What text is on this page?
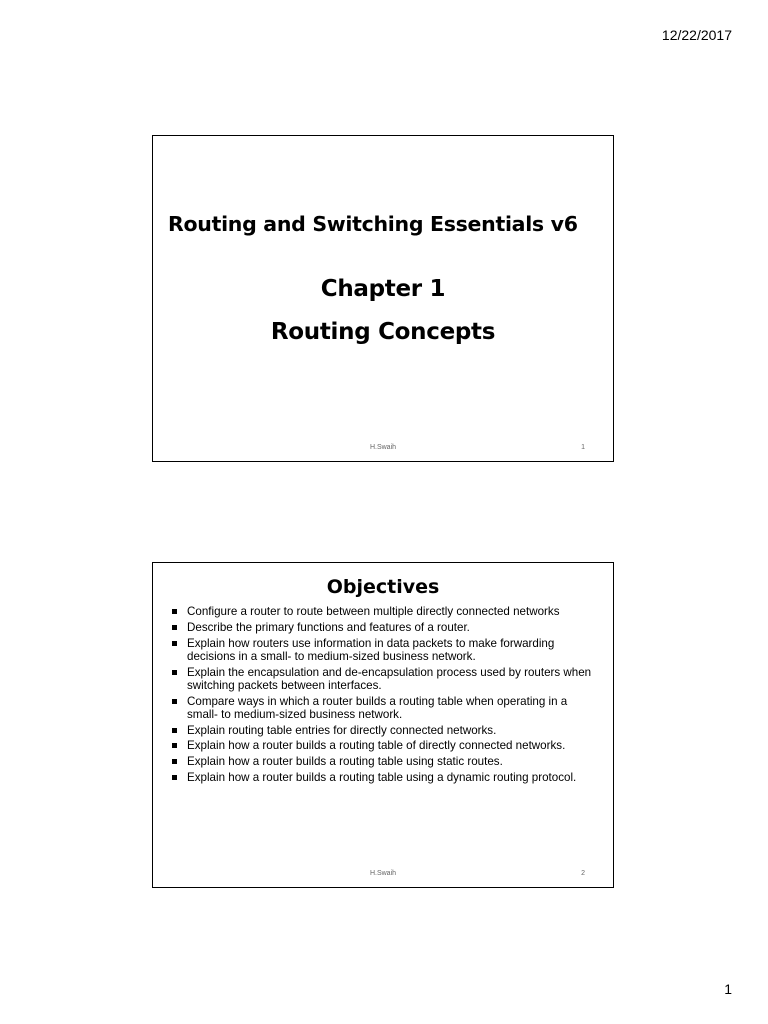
12/22/2017
Routing and Switching Essentials v6
Chapter 1
Routing Concepts
H.Swaih	1
Objectives
Configure a router to route between multiple directly connected networks
Describe the primary functions and features of a router.
Explain how routers use information in data packets to make forwarding decisions in a small- to medium-sized business network.
Explain the encapsulation and de-encapsulation process used by routers when switching packets between interfaces.
Compare ways in which a router builds a routing table when operating in a small- to medium-sized business network.
Explain routing table entries for directly connected networks.
Explain how a router builds a routing table of directly connected networks.
Explain how a router builds a routing table using static routes.
Explain how a router builds a routing table using a dynamic routing protocol.
H.Swaih	2
1
